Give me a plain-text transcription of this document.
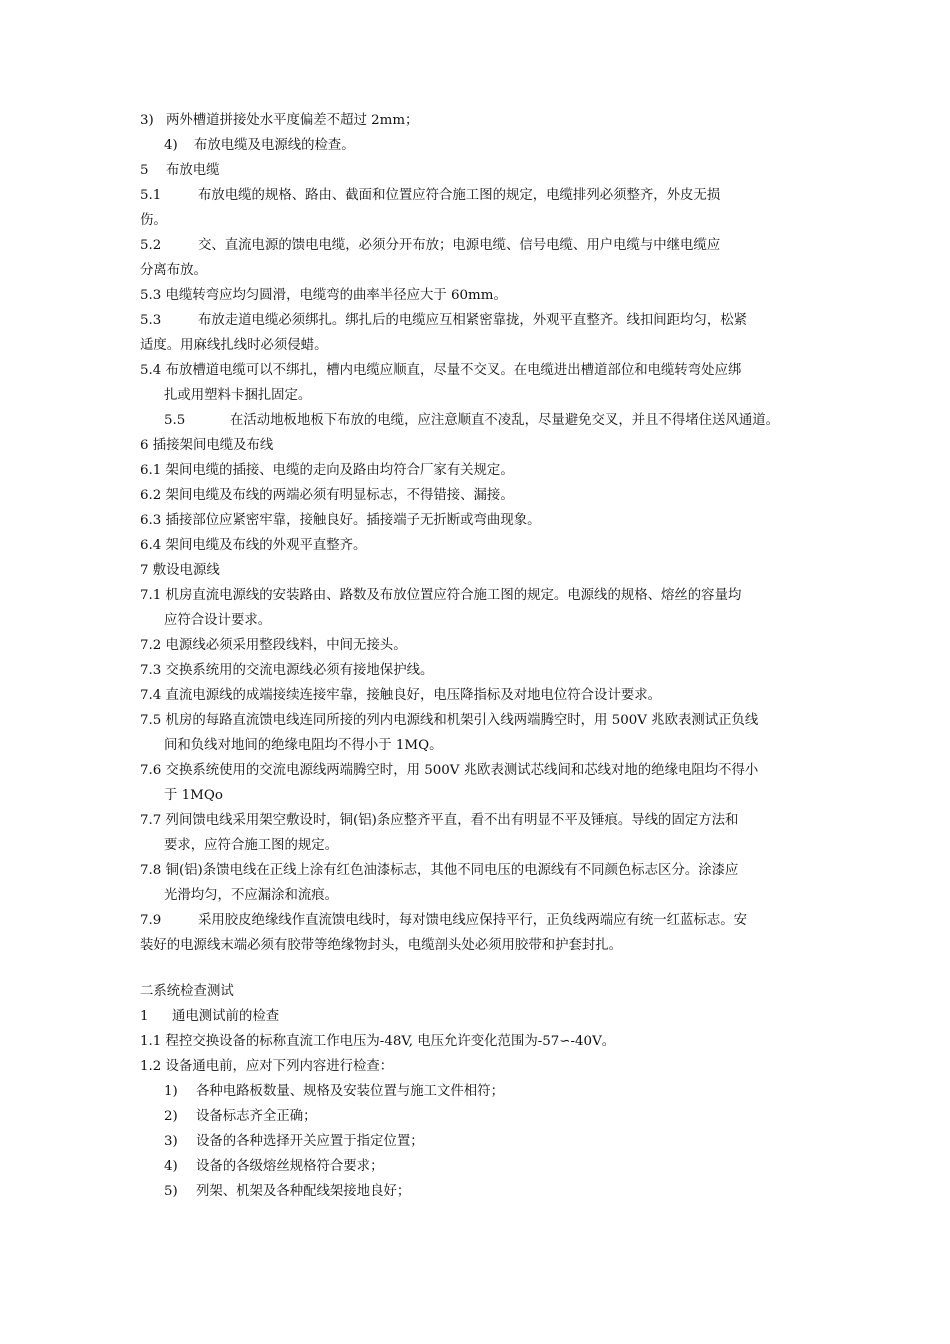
3) 两外槽道拼接处水平度偏差不超过 2mm；
4) 布放电缆及电源线的检查。
5 布放电缆
5.1	布放电缆的规格、路由、截面和位置应符合施工图的规定，电缆排列必须整齐，外皮无损
伤。
5.2	交、直流电源的馈电电缆，必须分开布放；电源电缆、信号电缆、用户电缆与中继电缆应
分离布放。
5.3 电缆转弯应均匀圆滑，电缆弯的曲率半径应大于 60mm。
5.3	布放走道电缆必须绑扎。绑扎后的电缆应互相紧密靠拢，外观平直整齐。线扣间距均匀，松紧
适度。用麻线扎线时必须侵蜡。
5.4 布放槽道电缆可以不绑扎，槽内电缆应顺直，尽量不交叉。在电缆进出槽道部位和电缆转弯处应绑
扎或用塑料卡捆扎固定。
5.5	在活动地板地板下布放的电缆，应注意顺直不凌乱，尽量避免交叉，并且不得堵住送风通道。
6 插接架间电缆及布线
6.1 架间电缆的插接、电缆的走向及路由均符合厂家有关规定。
6.2 架间电缆及布线的两端必须有明显标志，不得错接、漏接。
6.3 插接部位应紧密牢靠，接触良好。插接端子无折断或弯曲现象。
6.4 架间电缆及布线的外观平直整齐。
7 敷设电源线
7.1 机房直流电源线的安装路由、路数及布放位置应符合施工图的规定。电源线的规格、熔丝的容量均
应符合设计要求。
7.2 电源线必须采用整段线料，中间无接头。
7.3 交换系统用的交流电源线必须有接地保护线。
7.4 直流电源线的成端接续连接牢靠，接触良好，电压降指标及对地电位符合设计要求。
7.5 机房的每路直流馈电线连同所接的列内电源线和机架引入线两端腾空时，用 500V 兆欧表测试正负线
间和负线对地间的绝缘电阻均不得小于 1MQ。
7.6 交换系统使用的交流电源线两端腾空时，用 500V 兆欧表测试芯线间和芯线对地的绝缘电阻均不得小
于 1MQo
7.7 列间馈电线采用架空敷设时，铜(铝)条应整齐平直，看不出有明显不平及锤痕。导线的固定方法和
要求，应符合施工图的规定。
7.8 铜(铝)条馈电线在正线上涂有红色油漆标志，其他不同电压的电源线有不同颜色标志区分。涂漆应
光滑均匀，不应漏涂和流痕。
7.9	采用胶皮绝缘线作直流馈电线时，每对馈电线应保持平行，正负线两端应有统一红蓝标志。安
装好的电源线末端必须有胶带等绝缘物封头，电缆剖头处必须用胶带和护套封扎。
二系统检查测试
1 通电测试前的检查
1.1 程控交换设备的标称直流工作电压为-48V, 电压允许变化范围为-57∽-40V。
1.2 设备通电前，应对下列内容进行检查：
1) 各种电路板数量、规格及安装位置与施工文件相符；
2) 设备标志齐全正确；
3) 设备的各种选择开关应置于指定位置；
4) 设备的各级熔丝规格符合要求；
5) 列架、机架及各种配线架接地良好；
